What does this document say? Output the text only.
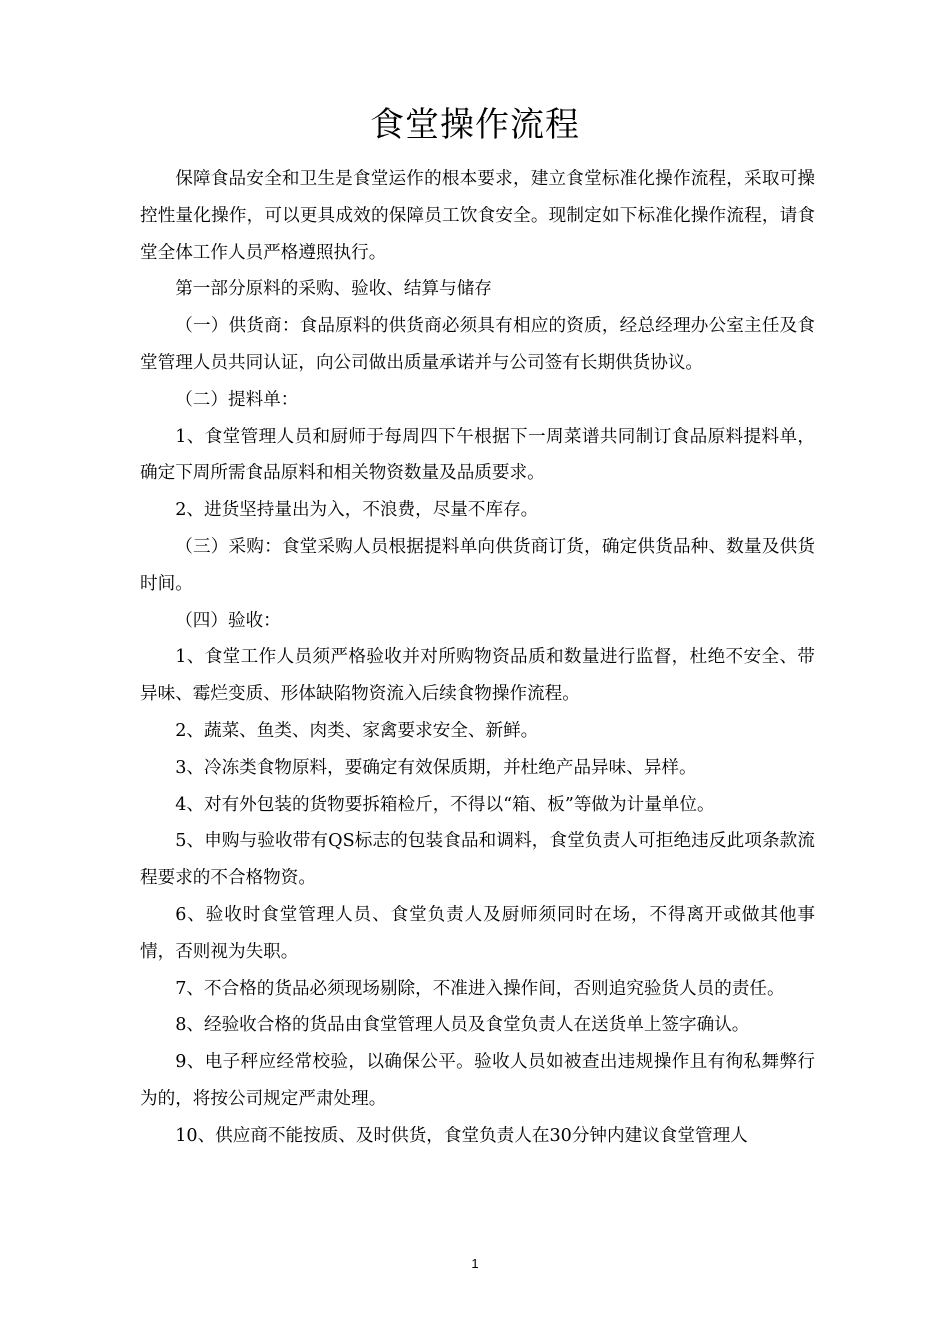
食堂操作流程

保障食品安全和卫生是食堂运作的根本要求，建立食堂标准化操作流程，采取可操控性量化操作，可以更具成效的保障员工饮食安全。现制定如下标准化操作流程，请食堂全体工作人员严格遵照执行。

第一部分原料的采购、验收、结算与储存

（一）供货商：食品原料的供货商必须具有相应的资质，经总经理办公室主任及食堂管理人员共同认证，向公司做出质量承诺并与公司签有长期供货协议。

（二）提料单：

1、食堂管理人员和厨师于每周四下午根据下一周菜谱共同制订食品原料提料单，确定下周所需食品原料和相关物资数量及品质要求。

2、进货坚持量出为入，不浪费，尽量不库存。

（三）采购：食堂采购人员根据提料单向供货商订货，确定供货品种、数量及供货时间。

（四）验收：

1、食堂工作人员须严格验收并对所购物资品质和数量进行监督，杜绝不安全、带异味、霉烂变质、形体缺陷物资流入后续食物操作流程。

2、蔬菜、鱼类、肉类、家禽要求安全、新鲜。

3、冷冻类食物原料，要确定有效保质期，并杜绝产品异味、异样。

4、对有外包装的货物要拆箱检斤，不得以“箱、板”等做为计量单位。

5、申购与验收带有QS标志的包装食品和调料，食堂负责人可拒绝违反此项条款流程要求的不合格物资。

6、验收时食堂管理人员、食堂负责人及厨师须同时在场，不得离开或做其他事情，否则视为失职。

7、不合格的货品必须现场剔除，不准进入操作间，否则追究验货人员的责任。

8、经验收合格的货品由食堂管理人员及食堂负责人在送货单上签字确认。

9、电子秤应经常校验，以确保公平。验收人员如被查出违规操作且有徇私舞弊行为的，将按公司规定严肃处理。

10、供应商不能按质、及时供货，食堂负责人在30分钟内建议食堂管理人

1
